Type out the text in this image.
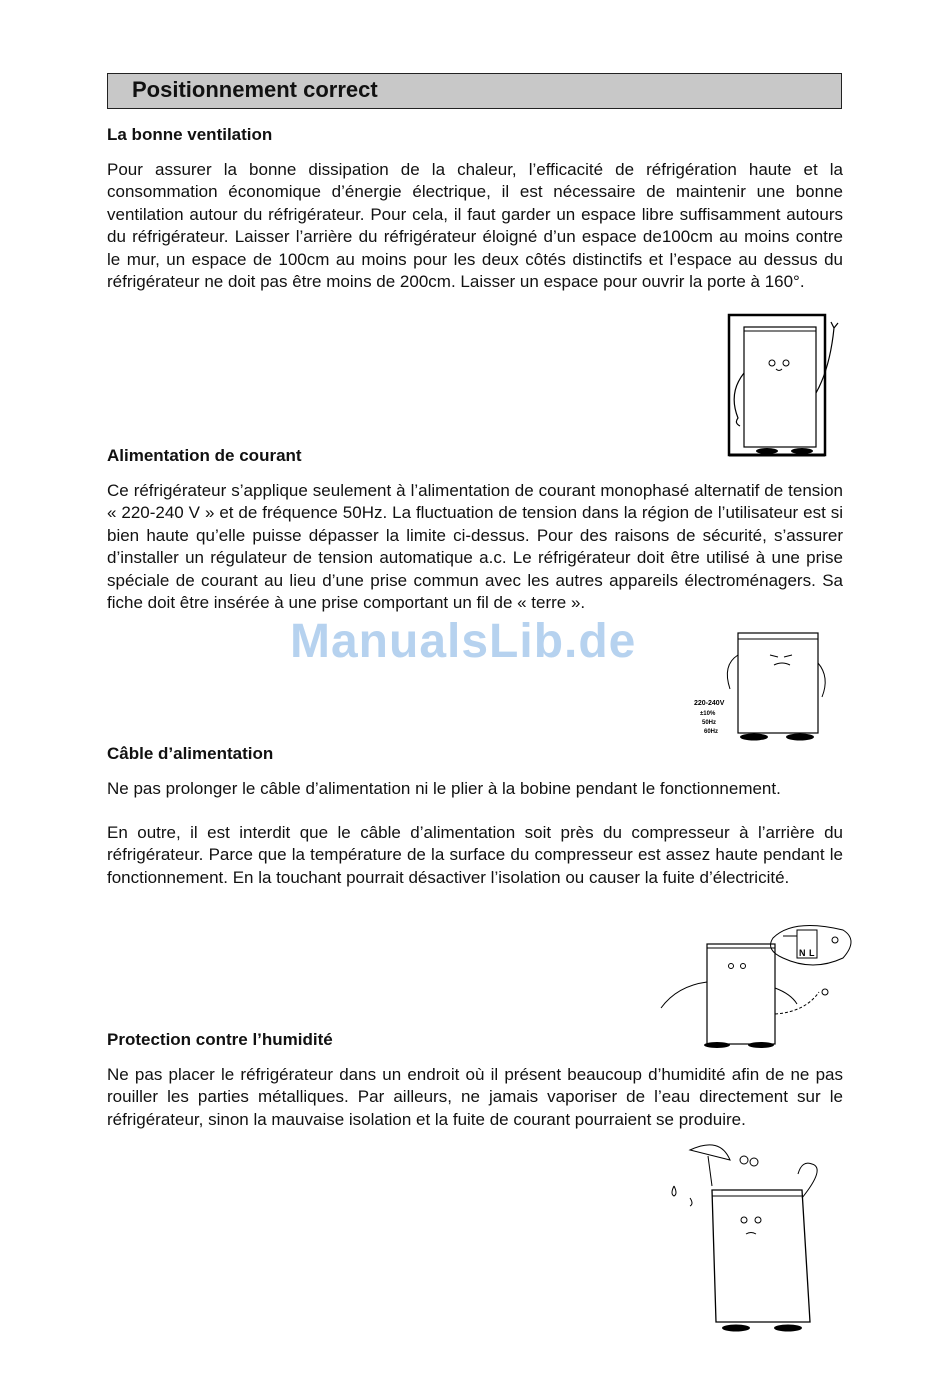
Positionnement correct
La bonne ventilation

Pour assurer la bonne dissipation de la chaleur, l’efficacité de réfrigération haute et la consommation économique d’énergie électrique, il est nécessaire de maintenir une bonne ventilation autour du réfrigérateur. Pour cela, il faut garder un espace libre suffisamment autours du réfrigérateur. Laisser l’arrière du réfrigérateur éloigné d’un espace de100cm au moins contre le mur, un espace de 100cm au moins pour les deux côtés distinctifs et l’espace au dessus du réfrigérateur ne doit pas être moins de 200cm. Laisser un espace pour ouvrir la porte à 160°.

Alimentation de courant

Ce réfrigérateur s’applique seulement à l’alimentation de courant monophasé alternatif de tension « 220-240 V » et de fréquence 50Hz. La fluctuation de tension dans la région de l’utilisateur est si bien haute qu’elle puisse dépasser la limite ci-dessus. Pour des raisons de sécurité, s’assurer d’installer un régulateur de tension automatique a.c. Le réfrigérateur doit être utilisé à une prise spéciale de courant au lieu d’une prise commun avec les autres appareils électroménagers. Sa fiche doit être insérée à une prise comportant un fil de « terre ».

220-240V
±10%
50Hz
60Hz
ManualsLib.de
Câble d’alimentation

Ne pas prolonger le câble d’alimentation ni le plier à la bobine pendant le fonctionnement.

En outre, il est interdit que le câble d’alimentation soit près du compresseur à l’arrière du réfrigérateur. Parce que la température de la surface du compresseur est assez haute pendant le fonctionnement. En la touchant pourrait désactiver l’isolation ou causer la fuite d’électricité.

N L
Protection contre l’humidité

Ne pas placer le réfrigérateur dans un endroit où il présent beaucoup d’humidité afin de ne pas rouiller les parties métalliques. Par ailleurs, ne jamais vaporiser de l’eau directement sur le réfrigérateur, sinon la mauvaise isolation et la fuite de courant pourraient se produire.
